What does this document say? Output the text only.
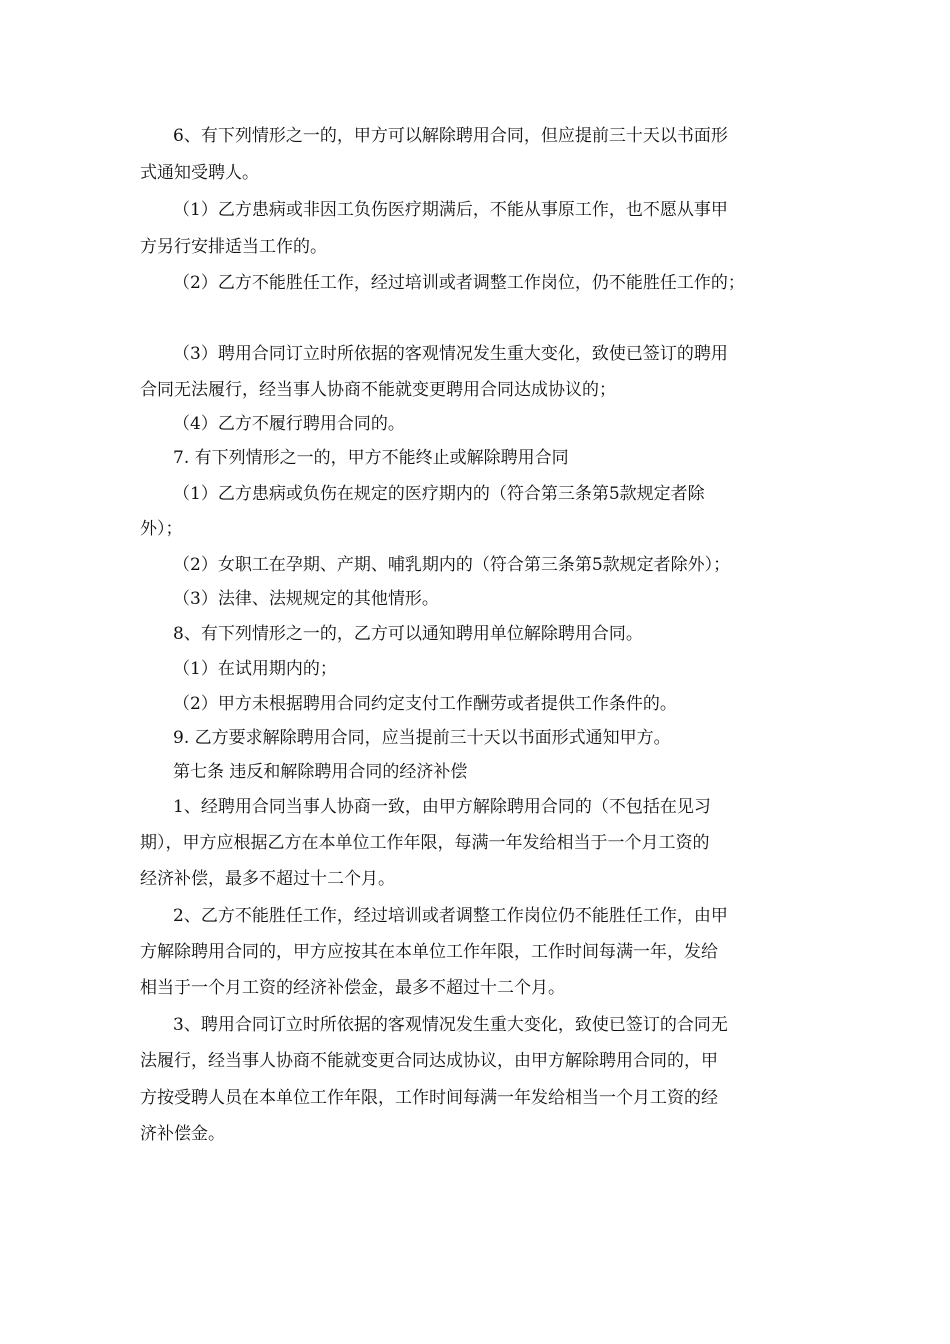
6、有下列情形之一的，甲方可以解除聘用合同，但应提前三十天以书面形
式通知受聘人。
（1）乙方患病或非因工负伤医疗期满后，不能从事原工作，也不愿从事甲
方另行安排适当工作的。
（2）乙方不能胜任工作，经过培训或者调整工作岗位，仍不能胜任工作的；
（3）聘用合同订立时所依据的客观情况发生重大变化，致使已签订的聘用
合同无法履行，经当事人协商不能就变更聘用合同达成协议的；
（4）乙方不履行聘用合同的。
7. 有下列情形之一的，甲方不能终止或解除聘用合同
（1）乙方患病或负伤在规定的医疗期内的（符合第三条第5款规定者除
外）；
（2）女职工在孕期、产期、哺乳期内的（符合第三条第5款规定者除外）；
（3）法律、法规规定的其他情形。
8、有下列情形之一的，乙方可以通知聘用单位解除聘用合同。
（1）在试用期内的；
（2）甲方未根据聘用合同约定支付工作酬劳或者提供工作条件的。
9. 乙方要求解除聘用合同，应当提前三十天以书面形式通知甲方。
第七条 违反和解除聘用合同的经济补偿
1、经聘用合同当事人协商一致，由甲方解除聘用合同的（不包括在见习
期），甲方应根据乙方在本单位工作年限，每满一年发给相当于一个月工资的
经济补偿，最多不超过十二个月。
2、乙方不能胜任工作，经过培训或者调整工作岗位仍不能胜任工作，由甲
方解除聘用合同的，甲方应按其在本单位工作年限，工作时间每满一年，发给
相当于一个月工资的经济补偿金，最多不超过十二个月。
3、聘用合同订立时所依据的客观情况发生重大变化，致使已签订的合同无
法履行，经当事人协商不能就变更合同达成协议，由甲方解除聘用合同的，甲
方按受聘人员在本单位工作年限，工作时间每满一年发给相当一个月工资的经
济补偿金。
